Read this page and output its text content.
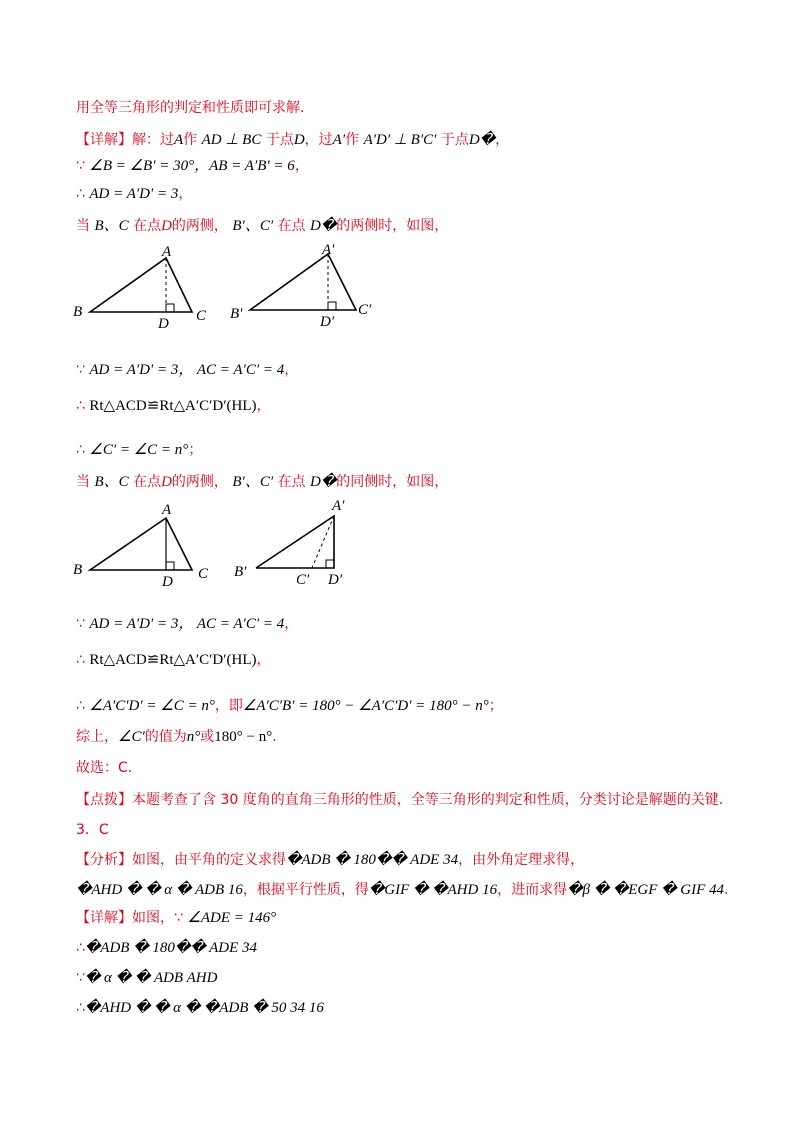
用全等三角形的判定和性质即可求解.
【详解】解：过A作 AD ⊥ BC 于点D，过A′作 A′D′ ⊥ B′C′ 于点D�，
∵ ∠B = ∠B′ = 30°，AB = A′B′ = 6，
∴ AD = A′D′ = 3，
当 B、C 在点D的两侧， B′、C′ 在点 D�的两侧时，如图，
A
B	C
D
A′
B′	C′
D′
∵ AD = A′D′ = 3， AC = A′C′ = 4，
∴ Rt△ACD≌Rt△A′C′D′(HL)，
∴ ∠C′ = ∠C = n°；
当 B、C 在点D的两侧， B′、C′ 在点 D�的同侧时，如图，
A
B	C
D
A′
B′	C′ D′
∵ AD = A′D′ = 3， AC = A′C′ = 4，
∴ Rt△ACD≌Rt△A′C′D′(HL)，
∴ ∠A′C′D′ = ∠C = n°，即∠A′C′B′ = 180° − ∠A′C′D′ = 180° − n°；
综上，∠C′的值为n°或180° − n°.
故选：C.
【点拨】本题考查了含 30 度角的直角三角形的性质，全等三角形的判定和性质，分类讨论是解题的关键.
3．C
【分析】如图，由平角的定义求得�ADB � 180�� ADE 34，由外角定理求得，
�AHD � � α � ADB 16，根据平行性质，得�GIF � �AHD 16，进而求得�β � �EGF � GIF 44.
【详解】如图，∵ ∠ADE = 146°
∴�ADB � 180�� ADE 34
∵� α � � ADB AHD
∴�AHD � � α � �ADB � 50 34 16
